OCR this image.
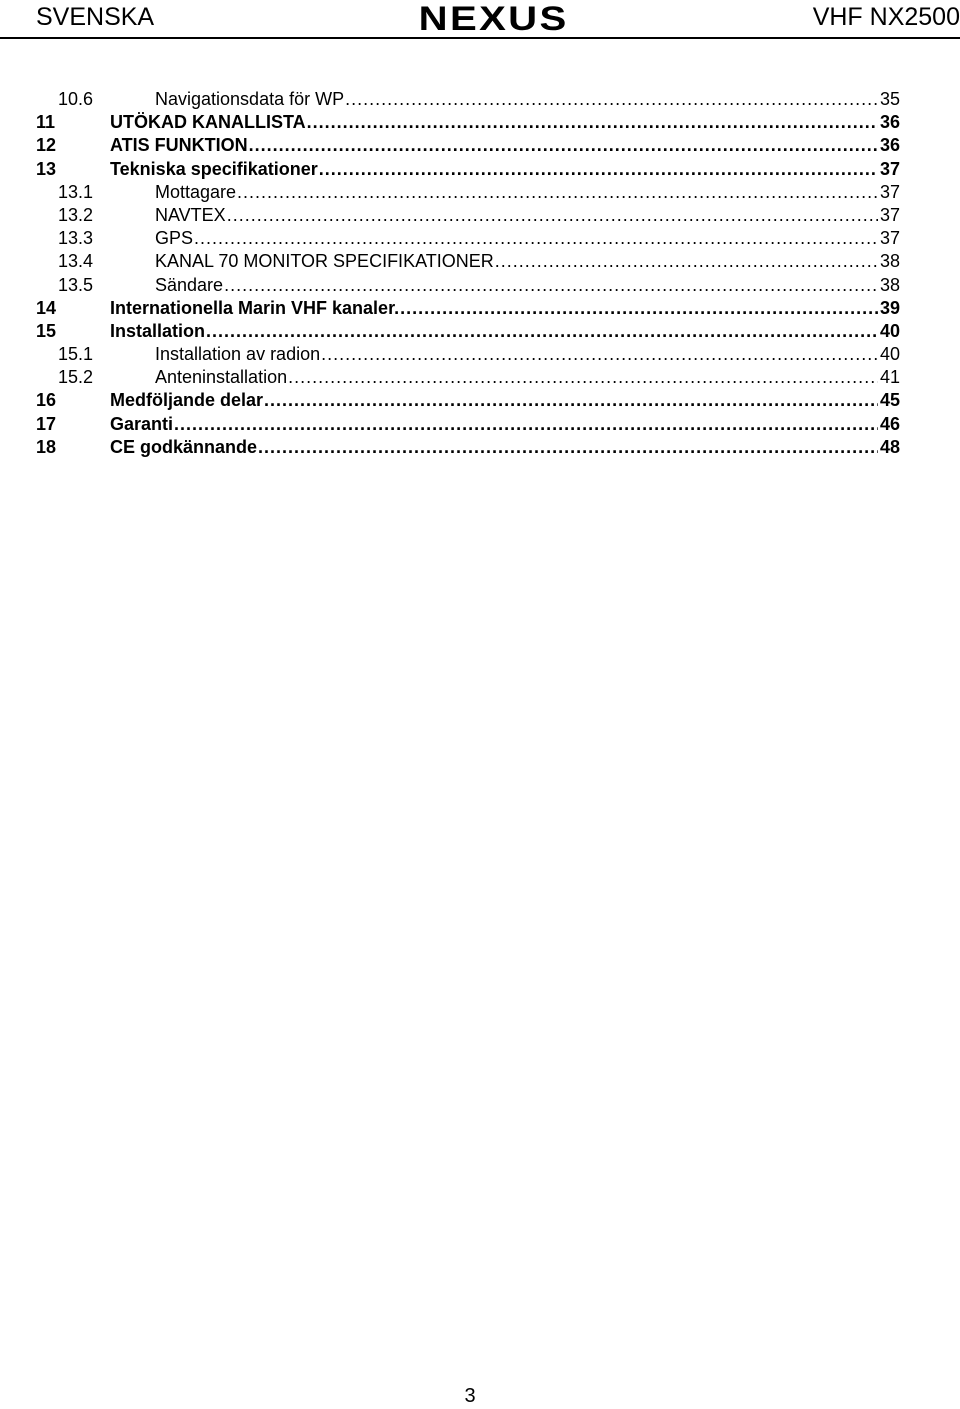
SVENSKA	NEXUS	VHF NX2500
10.6	Navigationsdata för WP .....	35
11	UTÖKAD KANALLISTA .....	36
12	ATIS FUNKTION .....	36
13	Tekniska specifikationer .....	37
13.1	Mottagare .....	37
13.2	NAVTEX .....	37
13.3	GPS .....	37
13.4	KANAL 70 MONITOR SPECIFIKATIONER .....	38
13.5	Sändare .....	38
14	Internationella Marin VHF kanaler. .....	39
15	Installation .....	40
15.1	Installation av radion .....	40
15.2	Anteninstallation .....	41
16	Medföljande delar .....	45
17	Garanti .....	46
18	CE godkännande .....	48
3
